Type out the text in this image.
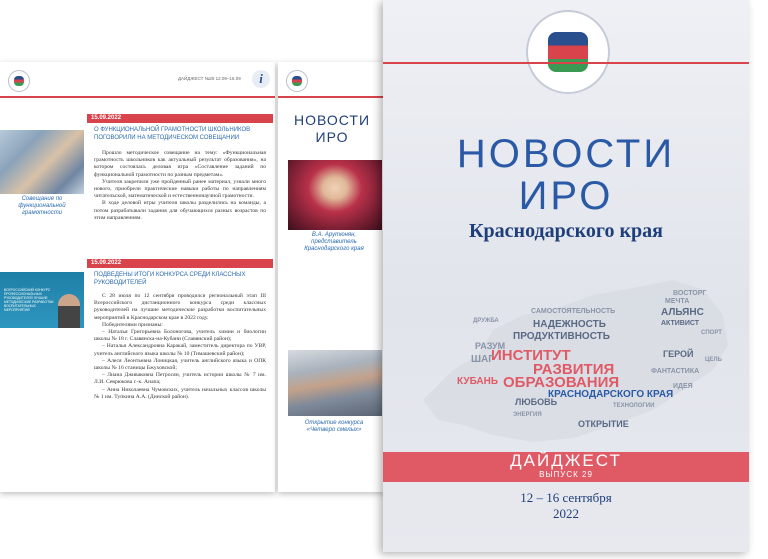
ДАЙДЖЕСТ №29 12.09–16.09	i
15.09.2022
О ФУНКЦИОНАЛЬНОЙ ГРАМОТНОСТИ ШКОЛЬНИКОВ ПОГОВОРИЛИ НА МЕТОДИЧЕСКОМ СОВЕЩАНИИ
Совещание по функциональной грамотности

Прошло методическое совещание на тему: «Функциональная грамотность школьников как актуальный результат образования», на котором состоялась деловая игра «Составление заданий по функциональной грамотности по разным предметам».

Учителя закрепили уже пройденный ранее материал, узнали много нового, приобрели практические навыки работы по направлениям читательской, математической и естественнонаучной грамотности.

В ходе деловой игры учителя школы разделились на команды, а потом разрабатывали задания для обучающихся разных возрастов по этим направлениям.

15.09.2022
ПОДВЕДЕНЫ ИТОГИ КОНКУРСА СРЕДИ КЛАССНЫХ РУКОВОДИТЕЛЕЙ
ВСЕРОССИЙСКИЙ КОНКУРС ПРОФЕССИОНАЛЬНЫХ РУКОВОДИТЕЛЕЙ ЛУЧШИЕ МЕТОДИЧЕСКИЕ РАЗРАБОТКИ ВОСПИТАТЕЛЬНЫХ МЕРОПРИЯТИЙ

С 28 июля по 12 сентября проводился региональный этап III Всероссийского дистанционного конкурса среди классных руководителей на лучшие методические разработки воспитательных мероприятий в Краснодарском крае в 2022 году.

Победителями признаны:

– Наталья Григорьевна Болоногова, учитель химии и биологии школы № 18 г. Славянска-на-Кубани (Славянский район);

– Наталья Александровна Каракай, заместитель директора по УВР, учитель английского языка школы № 10 (Тимашевский район);

– Алеся Леонтьевна Лоницкая, учитель английского языка и ОПК школы № 16 станицы Бжуховской;

– Лиана Дживаковна Петросян, учитель истории школы № 7 им. Л.И. Севрюкова г.-к. Анапа;

– Анна Николаевна Чумовских, учитель начальных классов школы № 1 им. Тупкина А.А. (Динской район).

НОВОСТИ ИРО
В.А. Арутюнян, представитель Краснодарского края
Открытие конкурса «Четверо смелых»
НОВОСТИ
ИРО
Краснодарского края
ИНСТИТУТ
РАЗВИТИЯ
ОБРАЗОВАНИЯ
КРАСНОДАРСКОГО КРАЯ
НАДЕЖНОСТЬ
ПРОДУКТИВНОСТЬ
САМОСТОЯТЕЛЬНОСТЬ
КУБАНЬ
ЛЮБОВЬ
ОТКРЫТИЕ
АЛЬЯНС
МЕЧТА
АКТИВИСТ
ГЕРОЙ
ФАНТАСТИКА
ТЕХНОЛОГИИ
РАЗУМ
ШАГ
ДРУЖБА
СПОРТ
ИДЕЯ
ВОСТОРГ
ЦЕЛЬ
ЭНЕРГИЯ
ДАЙДЖЕСТ
ВЫПУСК 29
12 – 16 сентября
2022
